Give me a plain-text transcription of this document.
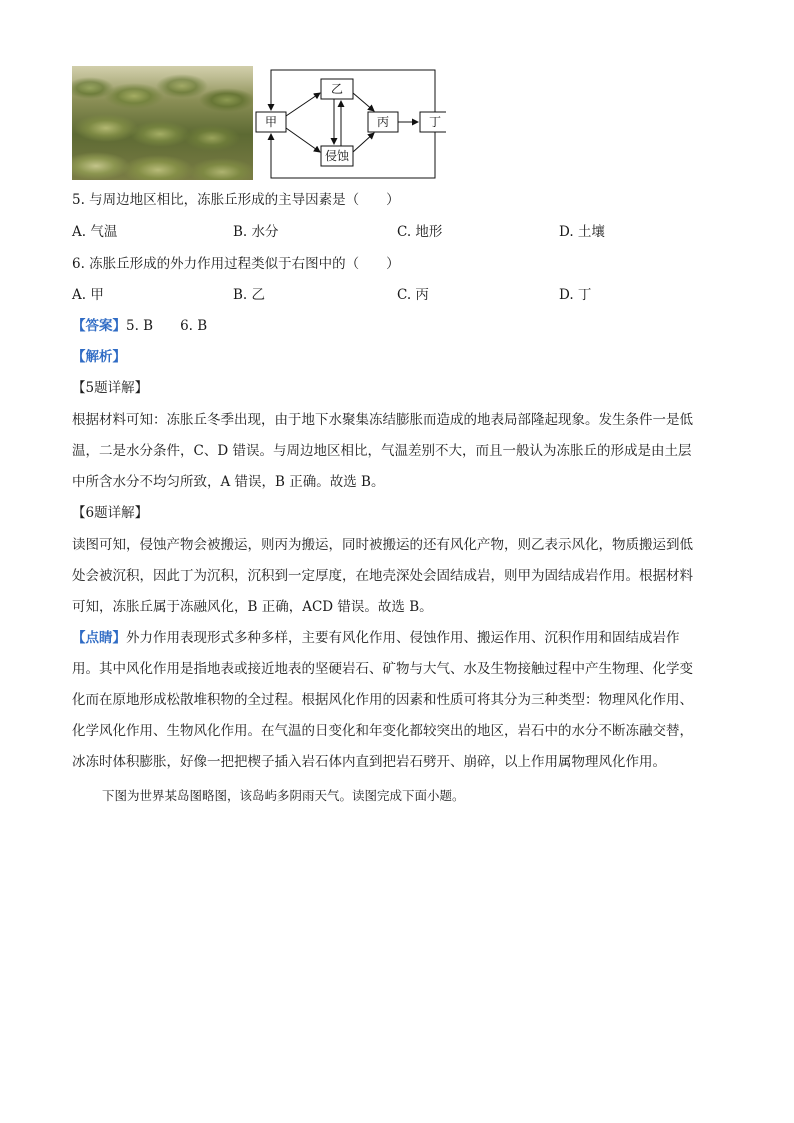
甲
乙
侵蚀
丙	丁
5. 与周边地区相比，冻胀丘形成的主导因素是（　　）
A. 气温	B. 水分	C. 地形	D. 土壤
6. 冻胀丘形成的外力作用过程类似于右图中的（　　）
A. 甲	B. 乙	C. 丙	D. 丁
【答案】5. B　　6. B
【解析】
【5题详解】
根据材料可知：冻胀丘冬季出现，由于地下水聚集冻结膨胀而造成的地表局部隆起现象。发生条件一是低
温，二是水分条件，C、D 错误。与周边地区相比，气温差别不大，而且一般认为冻胀丘的形成是由土层
中所含水分不均匀所致，A 错误，B 正确。故选 B。
【6题详解】
读图可知，侵蚀产物会被搬运，则丙为搬运，同时被搬运的还有风化产物，则乙表示风化，物质搬运到低
处会被沉积，因此丁为沉积，沉积到一定厚度，在地壳深处会固结成岩，则甲为固结成岩作用。根据材料
可知，冻胀丘属于冻融风化，B 正确，ACD 错误。故选 B。
【点睛】外力作用表现形式多种多样，主要有风化作用、侵蚀作用、搬运作用、沉积作用和固结成岩作
用。其中风化作用是指地表或接近地表的坚硬岩石、矿物与大气、水及生物接触过程中产生物理、化学变
化而在原地形成松散堆积物的全过程。根据风化作用的因素和性质可将其分为三种类型：物理风化作用、
化学风化作用、生物风化作用。在气温的日变化和年变化都较突出的地区，岩石中的水分不断冻融交替，
冰冻时体积膨胀，好像一把把楔子插入岩石体内直到把岩石劈开、崩碎，以上作用属物理风化作用。
下图为世界某岛图略图，该岛屿多阴雨天气。读图完成下面小题。
